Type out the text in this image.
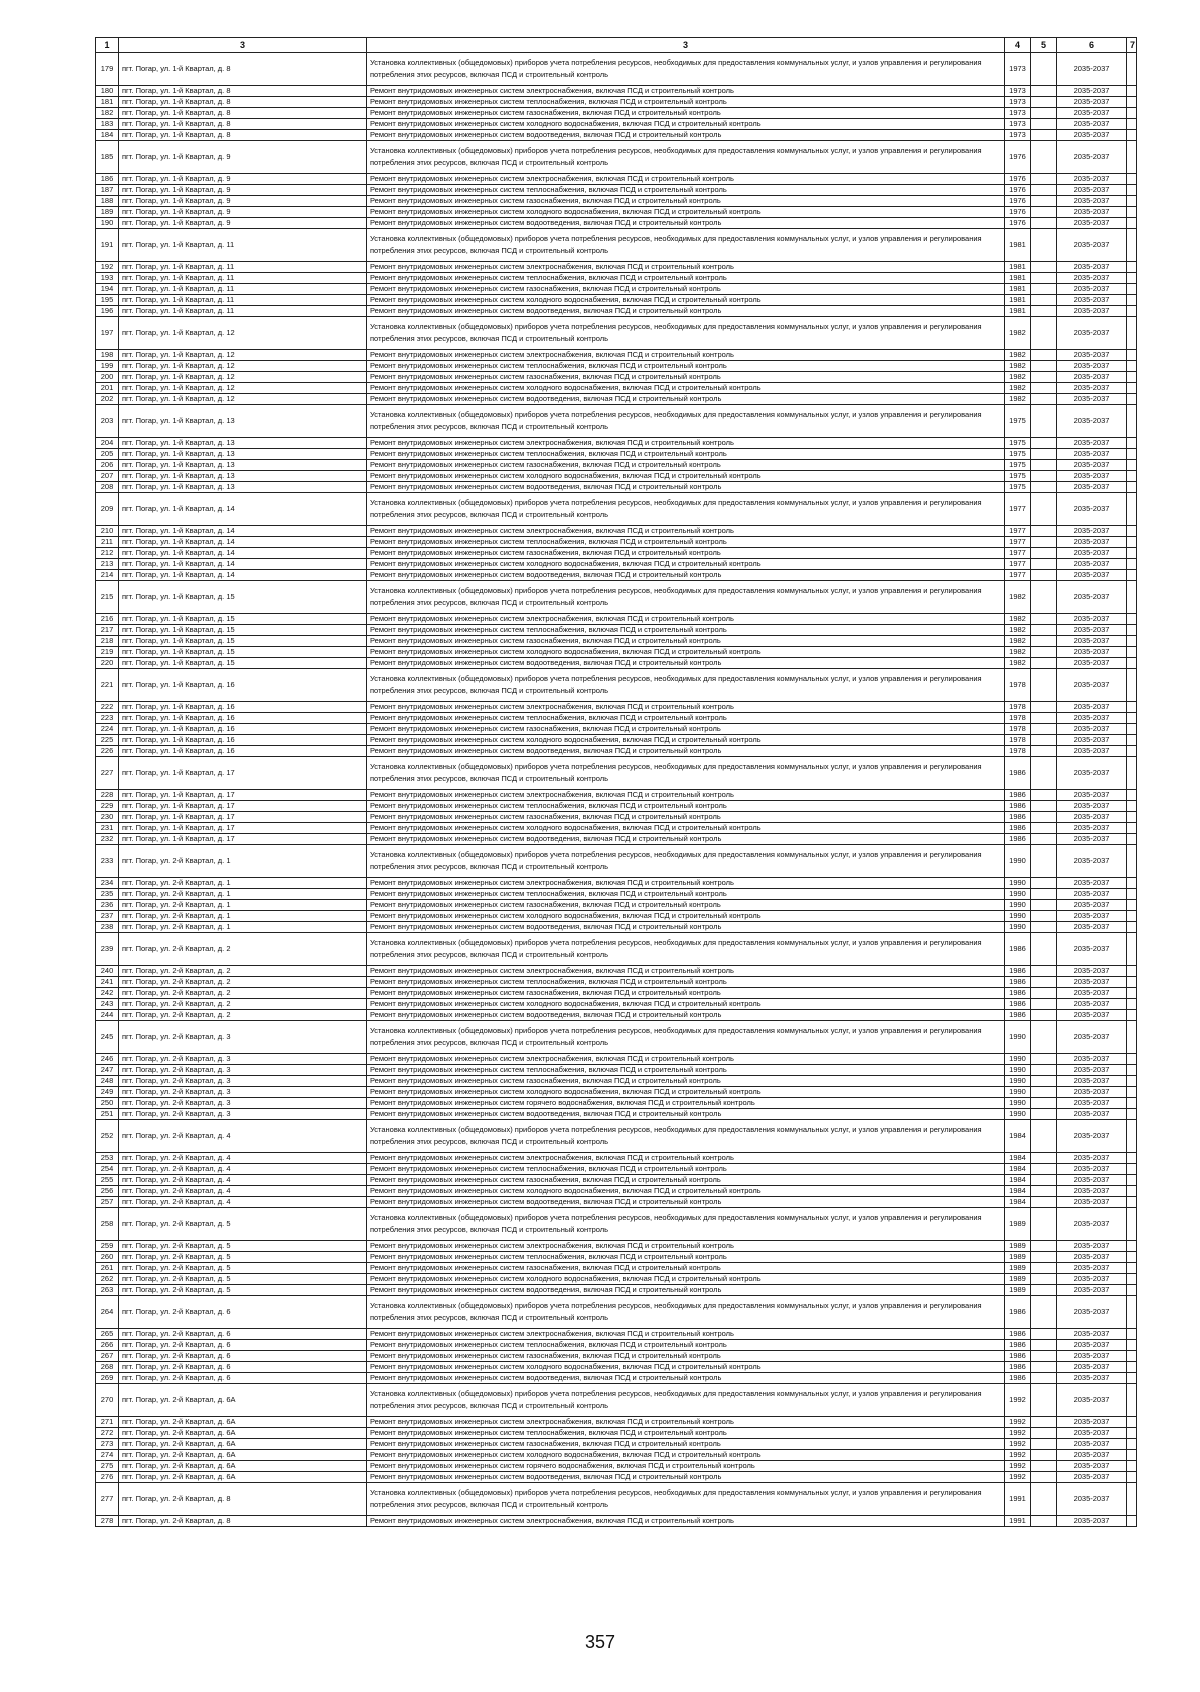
1	3	3	4	5	6	7
179	пгт. Погар, ул. 1-й Квартал, д. 8	Установка коллективных (общедомовых) приборов учета потребления ресурсов, необходимых для предоставления коммунальных услуг, и узлов управления и регулирования потребления этих ресурсов, включая ПСД и строительный контроль	1973		2035-2037	
180	пгт. Погар, ул. 1-й Квартал, д. 8	Ремонт внутридомовых инженерных систем электроснабжения, включая ПСД и строительный контроль	1973		2035-2037	
181	пгт. Погар, ул. 1-й Квартал, д. 8	Ремонт внутридомовых инженерных систем теплоснабжения, включая ПСД и строительный контроль	1973		2035-2037	
182	пгт. Погар, ул. 1-й Квартал, д. 8	Ремонт внутридомовых инженерных систем газоснабжения, включая ПСД и строительный контроль	1973		2035-2037	
183	пгт. Погар, ул. 1-й Квартал, д. 8	Ремонт внутридомовых инженерных систем холодного водоснабжения, включая ПСД и строительный контроль	1973		2035-2037	
184	пгт. Погар, ул. 1-й Квартал, д. 8	Ремонт внутридомовых инженерных систем водоотведения, включая ПСД и строительный контроль	1973		2035-2037	
185	пгт. Погар, ул. 1-й Квартал, д. 9	Установка коллективных (общедомовых) приборов учета потребления ресурсов, необходимых для предоставления коммунальных услуг, и узлов управления и регулирования потребления этих ресурсов, включая ПСД и строительный контроль	1976		2035-2037	
186	пгт. Погар, ул. 1-й Квартал, д. 9	Ремонт внутридомовых инженерных систем электроснабжения, включая ПСД и строительный контроль	1976		2035-2037	
187	пгт. Погар, ул. 1-й Квартал, д. 9	Ремонт внутридомовых инженерных систем теплоснабжения, включая ПСД и строительный контроль	1976		2035-2037	
188	пгт. Погар, ул. 1-й Квартал, д. 9	Ремонт внутридомовых инженерных систем газоснабжения, включая ПСД и строительный контроль	1976		2035-2037	
189	пгт. Погар, ул. 1-й Квартал, д. 9	Ремонт внутридомовых инженерных систем холодного водоснабжения, включая ПСД и строительный контроль	1976		2035-2037	
190	пгт. Погар, ул. 1-й Квартал, д. 9	Ремонт внутридомовых инженерных систем водоотведения, включая ПСД и строительный контроль	1976		2035-2037	
191	пгт. Погар, ул. 1-й Квартал, д. 11	Установка коллективных (общедомовых) приборов учета потребления ресурсов, необходимых для предоставления коммунальных услуг, и узлов управления и регулирования потребления этих ресурсов, включая ПСД и строительный контроль	1981		2035-2037	
192	пгт. Погар, ул. 1-й Квартал, д. 11	Ремонт внутридомовых инженерных систем электроснабжения, включая ПСД и строительный контроль	1981		2035-2037	
193	пгт. Погар, ул. 1-й Квартал, д. 11	Ремонт внутридомовых инженерных систем теплоснабжения, включая ПСД и строительный контроль	1981		2035-2037	
194	пгт. Погар, ул. 1-й Квартал, д. 11	Ремонт внутридомовых инженерных систем газоснабжения, включая ПСД и строительный контроль	1981		2035-2037	
195	пгт. Погар, ул. 1-й Квартал, д. 11	Ремонт внутридомовых инженерных систем холодного водоснабжения, включая ПСД и строительный контроль	1981		2035-2037	
196	пгт. Погар, ул. 1-й Квартал, д. 11	Ремонт внутридомовых инженерных систем водоотведения, включая ПСД и строительный контроль	1981		2035-2037	
197	пгт. Погар, ул. 1-й Квартал, д. 12	Установка коллективных (общедомовых) приборов учета потребления ресурсов, необходимых для предоставления коммунальных услуг, и узлов управления и регулирования потребления этих ресурсов, включая ПСД и строительный контроль	1982		2035-2037	
198	пгт. Погар, ул. 1-й Квартал, д. 12	Ремонт внутридомовых инженерных систем электроснабжения, включая ПСД и строительный контроль	1982		2035-2037	
199	пгт. Погар, ул. 1-й Квартал, д. 12	Ремонт внутридомовых инженерных систем теплоснабжения, включая ПСД и строительный контроль	1982		2035-2037	
200	пгт. Погар, ул. 1-й Квартал, д. 12	Ремонт внутридомовых инженерных систем газоснабжения, включая ПСД и строительный контроль	1982		2035-2037	
201	пгт. Погар, ул. 1-й Квартал, д. 12	Ремонт внутридомовых инженерных систем холодного водоснабжения, включая ПСД и строительный контроль	1982		2035-2037	
202	пгт. Погар, ул. 1-й Квартал, д. 12	Ремонт внутридомовых инженерных систем водоотведения, включая ПСД и строительный контроль	1982		2035-2037	
203	пгт. Погар, ул. 1-й Квартал, д. 13	Установка коллективных (общедомовых) приборов учета потребления ресурсов, необходимых для предоставления коммунальных услуг, и узлов управления и регулирования потребления этих ресурсов, включая ПСД и строительный контроль	1975		2035-2037	
204	пгт. Погар, ул. 1-й Квартал, д. 13	Ремонт внутридомовых инженерных систем электроснабжения, включая ПСД и строительный контроль	1975		2035-2037	
205	пгт. Погар, ул. 1-й Квартал, д. 13	Ремонт внутридомовых инженерных систем теплоснабжения, включая ПСД и строительный контроль	1975		2035-2037	
206	пгт. Погар, ул. 1-й Квартал, д. 13	Ремонт внутридомовых инженерных систем газоснабжения, включая ПСД и строительный контроль	1975		2035-2037	
207	пгт. Погар, ул. 1-й Квартал, д. 13	Ремонт внутридомовых инженерных систем холодного водоснабжения, включая ПСД и строительный контроль	1975		2035-2037	
208	пгт. Погар, ул. 1-й Квартал, д. 13	Ремонт внутридомовых инженерных систем водоотведения, включая ПСД и строительный контроль	1975		2035-2037	
209	пгт. Погар, ул. 1-й Квартал, д. 14	Установка коллективных (общедомовых) приборов учета потребления ресурсов, необходимых для предоставления коммунальных услуг, и узлов управления и регулирования потребления этих ресурсов, включая ПСД и строительный контроль	1977		2035-2037	
210	пгт. Погар, ул. 1-й Квартал, д. 14	Ремонт внутридомовых инженерных систем электроснабжения, включая ПСД и строительный контроль	1977		2035-2037	
211	пгт. Погар, ул. 1-й Квартал, д. 14	Ремонт внутридомовых инженерных систем теплоснабжения, включая ПСД и строительный контроль	1977		2035-2037	
212	пгт. Погар, ул. 1-й Квартал, д. 14	Ремонт внутридомовых инженерных систем газоснабжения, включая ПСД и строительный контроль	1977		2035-2037	
213	пгт. Погар, ул. 1-й Квартал, д. 14	Ремонт внутридомовых инженерных систем холодного водоснабжения, включая ПСД и строительный контроль	1977		2035-2037	
214	пгт. Погар, ул. 1-й Квартал, д. 14	Ремонт внутридомовых инженерных систем водоотведения, включая ПСД и строительный контроль	1977		2035-2037	
215	пгт. Погар, ул. 1-й Квартал, д. 15	Установка коллективных (общедомовых) приборов учета потребления ресурсов, необходимых для предоставления коммунальных услуг, и узлов управления и регулирования потребления этих ресурсов, включая ПСД и строительный контроль	1982		2035-2037	
216	пгт. Погар, ул. 1-й Квартал, д. 15	Ремонт внутридомовых инженерных систем электроснабжения, включая ПСД и строительный контроль	1982		2035-2037	
217	пгт. Погар, ул. 1-й Квартал, д. 15	Ремонт внутридомовых инженерных систем теплоснабжения, включая ПСД и строительный контроль	1982		2035-2037	
218	пгт. Погар, ул. 1-й Квартал, д. 15	Ремонт внутридомовых инженерных систем газоснабжения, включая ПСД и строительный контроль	1982		2035-2037	
219	пгт. Погар, ул. 1-й Квартал, д. 15	Ремонт внутридомовых инженерных систем холодного водоснабжения, включая ПСД и строительный контроль	1982		2035-2037	
220	пгт. Погар, ул. 1-й Квартал, д. 15	Ремонт внутридомовых инженерных систем водоотведения, включая ПСД и строительный контроль	1982		2035-2037	
221	пгт. Погар, ул. 1-й Квартал, д. 16	Установка коллективных (общедомовых) приборов учета потребления ресурсов, необходимых для предоставления коммунальных услуг, и узлов управления и регулирования потребления этих ресурсов, включая ПСД и строительный контроль	1978		2035-2037	
222	пгт. Погар, ул. 1-й Квартал, д. 16	Ремонт внутридомовых инженерных систем электроснабжения, включая ПСД и строительный контроль	1978		2035-2037	
223	пгт. Погар, ул. 1-й Квартал, д. 16	Ремонт внутридомовых инженерных систем теплоснабжения, включая ПСД и строительный контроль	1978		2035-2037	
224	пгт. Погар, ул. 1-й Квартал, д. 16	Ремонт внутридомовых инженерных систем газоснабжения, включая ПСД и строительный контроль	1978		2035-2037	
225	пгт. Погар, ул. 1-й Квартал, д. 16	Ремонт внутридомовых инженерных систем холодного водоснабжения, включая ПСД и строительный контроль	1978		2035-2037	
226	пгт. Погар, ул. 1-й Квартал, д. 16	Ремонт внутридомовых инженерных систем водоотведения, включая ПСД и строительный контроль	1978		2035-2037	
227	пгт. Погар, ул. 1-й Квартал, д. 17	Установка коллективных (общедомовых) приборов учета потребления ресурсов, необходимых для предоставления коммунальных услуг, и узлов управления и регулирования потребления этих ресурсов, включая ПСД и строительный контроль	1986		2035-2037	
228	пгт. Погар, ул. 1-й Квартал, д. 17	Ремонт внутридомовых инженерных систем электроснабжения, включая ПСД и строительный контроль	1986		2035-2037	
229	пгт. Погар, ул. 1-й Квартал, д. 17	Ремонт внутридомовых инженерных систем теплоснабжения, включая ПСД и строительный контроль	1986		2035-2037	
230	пгт. Погар, ул. 1-й Квартал, д. 17	Ремонт внутридомовых инженерных систем газоснабжения, включая ПСД и строительный контроль	1986		2035-2037	
231	пгт. Погар, ул. 1-й Квартал, д. 17	Ремонт внутридомовых инженерных систем холодного водоснабжения, включая ПСД и строительный контроль	1986		2035-2037	
232	пгт. Погар, ул. 1-й Квартал, д. 17	Ремонт внутридомовых инженерных систем водоотведения, включая ПСД и строительный контроль	1986		2035-2037	
233	пгт. Погар, ул. 2-й Квартал, д. 1	Установка коллективных (общедомовых) приборов учета потребления ресурсов, необходимых для предоставления коммунальных услуг, и узлов управления и регулирования потребления этих ресурсов, включая ПСД и строительный контроль	1990		2035-2037	
234	пгт. Погар, ул. 2-й Квартал, д. 1	Ремонт внутридомовых инженерных систем электроснабжения, включая ПСД и строительный контроль	1990		2035-2037	
235	пгт. Погар, ул. 2-й Квартал, д. 1	Ремонт внутридомовых инженерных систем теплоснабжения, включая ПСД и строительный контроль	1990		2035-2037	
236	пгт. Погар, ул. 2-й Квартал, д. 1	Ремонт внутридомовых инженерных систем газоснабжения, включая ПСД и строительный контроль	1990		2035-2037	
237	пгт. Погар, ул. 2-й Квартал, д. 1	Ремонт внутридомовых инженерных систем холодного водоснабжения, включая ПСД и строительный контроль	1990		2035-2037	
238	пгт. Погар, ул. 2-й Квартал, д. 1	Ремонт внутридомовых инженерных систем водоотведения, включая ПСД и строительный контроль	1990		2035-2037	
239	пгт. Погар, ул. 2-й Квартал, д. 2	Установка коллективных (общедомовых) приборов учета потребления ресурсов, необходимых для предоставления коммунальных услуг, и узлов управления и регулирования потребления этих ресурсов, включая ПСД и строительный контроль	1986		2035-2037	
240	пгт. Погар, ул. 2-й Квартал, д. 2	Ремонт внутридомовых инженерных систем электроснабжения, включая ПСД и строительный контроль	1986		2035-2037	
241	пгт. Погар, ул. 2-й Квартал, д. 2	Ремонт внутридомовых инженерных систем теплоснабжения, включая ПСД и строительный контроль	1986		2035-2037	
242	пгт. Погар, ул. 2-й Квартал, д. 2	Ремонт внутридомовых инженерных систем газоснабжения, включая ПСД и строительный контроль	1986		2035-2037	
243	пгт. Погар, ул. 2-й Квартал, д. 2	Ремонт внутридомовых инженерных систем холодного водоснабжения, включая ПСД и строительный контроль	1986		2035-2037	
244	пгт. Погар, ул. 2-й Квартал, д. 2	Ремонт внутридомовых инженерных систем водоотведения, включая ПСД и строительный контроль	1986		2035-2037	
245	пгт. Погар, ул. 2-й Квартал, д. 3	Установка коллективных (общедомовых) приборов учета потребления ресурсов, необходимых для предоставления коммунальных услуг, и узлов управления и регулирования потребления этих ресурсов, включая ПСД и строительный контроль	1990		2035-2037	
246	пгт. Погар, ул. 2-й Квартал, д. 3	Ремонт внутридомовых инженерных систем электроснабжения, включая ПСД и строительный контроль	1990		2035-2037	
247	пгт. Погар, ул. 2-й Квартал, д. 3	Ремонт внутридомовых инженерных систем теплоснабжения, включая ПСД и строительный контроль	1990		2035-2037	
248	пгт. Погар, ул. 2-й Квартал, д. 3	Ремонт внутридомовых инженерных систем газоснабжения, включая ПСД и строительный контроль	1990		2035-2037	
249	пгт. Погар, ул. 2-й Квартал, д. 3	Ремонт внутридомовых инженерных систем холодного водоснабжения, включая ПСД и строительный контроль	1990		2035-2037	
250	пгт. Погар, ул. 2-й Квартал, д. 3	Ремонт внутридомовых инженерных систем горячего водоснабжения, включая ПСД и строительный контроль	1990		2035-2037	
251	пгт. Погар, ул. 2-й Квартал, д. 3	Ремонт внутридомовых инженерных систем водоотведения, включая ПСД и строительный контроль	1990		2035-2037	
252	пгт. Погар, ул. 2-й Квартал, д. 4	Установка коллективных (общедомовых) приборов учета потребления ресурсов, необходимых для предоставления коммунальных услуг, и узлов управления и регулирования потребления этих ресурсов, включая ПСД и строительный контроль	1984		2035-2037	
253	пгт. Погар, ул. 2-й Квартал, д. 4	Ремонт внутридомовых инженерных систем электроснабжения, включая ПСД и строительный контроль	1984		2035-2037	
254	пгт. Погар, ул. 2-й Квартал, д. 4	Ремонт внутридомовых инженерных систем теплоснабжения, включая ПСД и строительный контроль	1984		2035-2037	
255	пгт. Погар, ул. 2-й Квартал, д. 4	Ремонт внутридомовых инженерных систем газоснабжения, включая ПСД и строительный контроль	1984		2035-2037	
256	пгт. Погар, ул. 2-й Квартал, д. 4	Ремонт внутридомовых инженерных систем холодного водоснабжения, включая ПСД и строительный контроль	1984		2035-2037	
257	пгт. Погар, ул. 2-й Квартал, д. 4	Ремонт внутридомовых инженерных систем водоотведения, включая ПСД и строительный контроль	1984		2035-2037	
258	пгт. Погар, ул. 2-й Квартал, д. 5	Установка коллективных (общедомовых) приборов учета потребления ресурсов, необходимых для предоставления коммунальных услуг, и узлов управления и регулирования потребления этих ресурсов, включая ПСД и строительный контроль	1989		2035-2037	
259	пгт. Погар, ул. 2-й Квартал, д. 5	Ремонт внутридомовых инженерных систем электроснабжения, включая ПСД и строительный контроль	1989		2035-2037	
260	пгт. Погар, ул. 2-й Квартал, д. 5	Ремонт внутридомовых инженерных систем теплоснабжения, включая ПСД и строительный контроль	1989		2035-2037	
261	пгт. Погар, ул. 2-й Квартал, д. 5	Ремонт внутридомовых инженерных систем газоснабжения, включая ПСД и строительный контроль	1989		2035-2037	
262	пгт. Погар, ул. 2-й Квартал, д. 5	Ремонт внутридомовых инженерных систем холодного водоснабжения, включая ПСД и строительный контроль	1989		2035-2037	
263	пгт. Погар, ул. 2-й Квартал, д. 5	Ремонт внутридомовых инженерных систем водоотведения, включая ПСД и строительный контроль	1989		2035-2037	
264	пгт. Погар, ул. 2-й Квартал, д. 6	Установка коллективных (общедомовых) приборов учета потребления ресурсов, необходимых для предоставления коммунальных услуг, и узлов управления и регулирования потребления этих ресурсов, включая ПСД и строительный контроль	1986		2035-2037	
265	пгт. Погар, ул. 2-й Квартал, д. 6	Ремонт внутридомовых инженерных систем электроснабжения, включая ПСД и строительный контроль	1986		2035-2037	
266	пгт. Погар, ул. 2-й Квартал, д. 6	Ремонт внутридомовых инженерных систем теплоснабжения, включая ПСД и строительный контроль	1986		2035-2037	
267	пгт. Погар, ул. 2-й Квартал, д. 6	Ремонт внутридомовых инженерных систем газоснабжения, включая ПСД и строительный контроль	1986		2035-2037	
268	пгт. Погар, ул. 2-й Квартал, д. 6	Ремонт внутридомовых инженерных систем холодного водоснабжения, включая ПСД и строительный контроль	1986		2035-2037	
269	пгт. Погар, ул. 2-й Квартал, д. 6	Ремонт внутридомовых инженерных систем водоотведения, включая ПСД и строительный контроль	1986		2035-2037	
270	пгт. Погар, ул. 2-й Квартал, д. 6А	Установка коллективных (общедомовых) приборов учета потребления ресурсов, необходимых для предоставления коммунальных услуг, и узлов управления и регулирования потребления этих ресурсов, включая ПСД и строительный контроль	1992		2035-2037	
271	пгт. Погар, ул. 2-й Квартал, д. 6А	Ремонт внутридомовых инженерных систем электроснабжения, включая ПСД и строительный контроль	1992		2035-2037	
272	пгт. Погар, ул. 2-й Квартал, д. 6А	Ремонт внутридомовых инженерных систем теплоснабжения, включая ПСД и строительный контроль	1992		2035-2037	
273	пгт. Погар, ул. 2-й Квартал, д. 6А	Ремонт внутридомовых инженерных систем газоснабжения, включая ПСД и строительный контроль	1992		2035-2037	
274	пгт. Погар, ул. 2-й Квартал, д. 6А	Ремонт внутридомовых инженерных систем холодного водоснабжения, включая ПСД и строительный контроль	1992		2035-2037	
275	пгт. Погар, ул. 2-й Квартал, д. 6А	Ремонт внутридомовых инженерных систем горячего водоснабжения, включая ПСД и строительный контроль	1992		2035-2037	
276	пгт. Погар, ул. 2-й Квартал, д. 6А	Ремонт внутридомовых инженерных систем водоотведения, включая ПСД и строительный контроль	1992		2035-2037	
277	пгт. Погар, ул. 2-й Квартал, д. 8	Установка коллективных (общедомовых) приборов учета потребления ресурсов, необходимых для предоставления коммунальных услуг, и узлов управления и регулирования потребления этих ресурсов, включая ПСД и строительный контроль	1991		2035-2037	
278	пгт. Погар, ул. 2-й Квартал, д. 8	Ремонт внутридомовых инженерных систем электроснабжения, включая ПСД и строительный контроль	1991		2035-2037	
357
